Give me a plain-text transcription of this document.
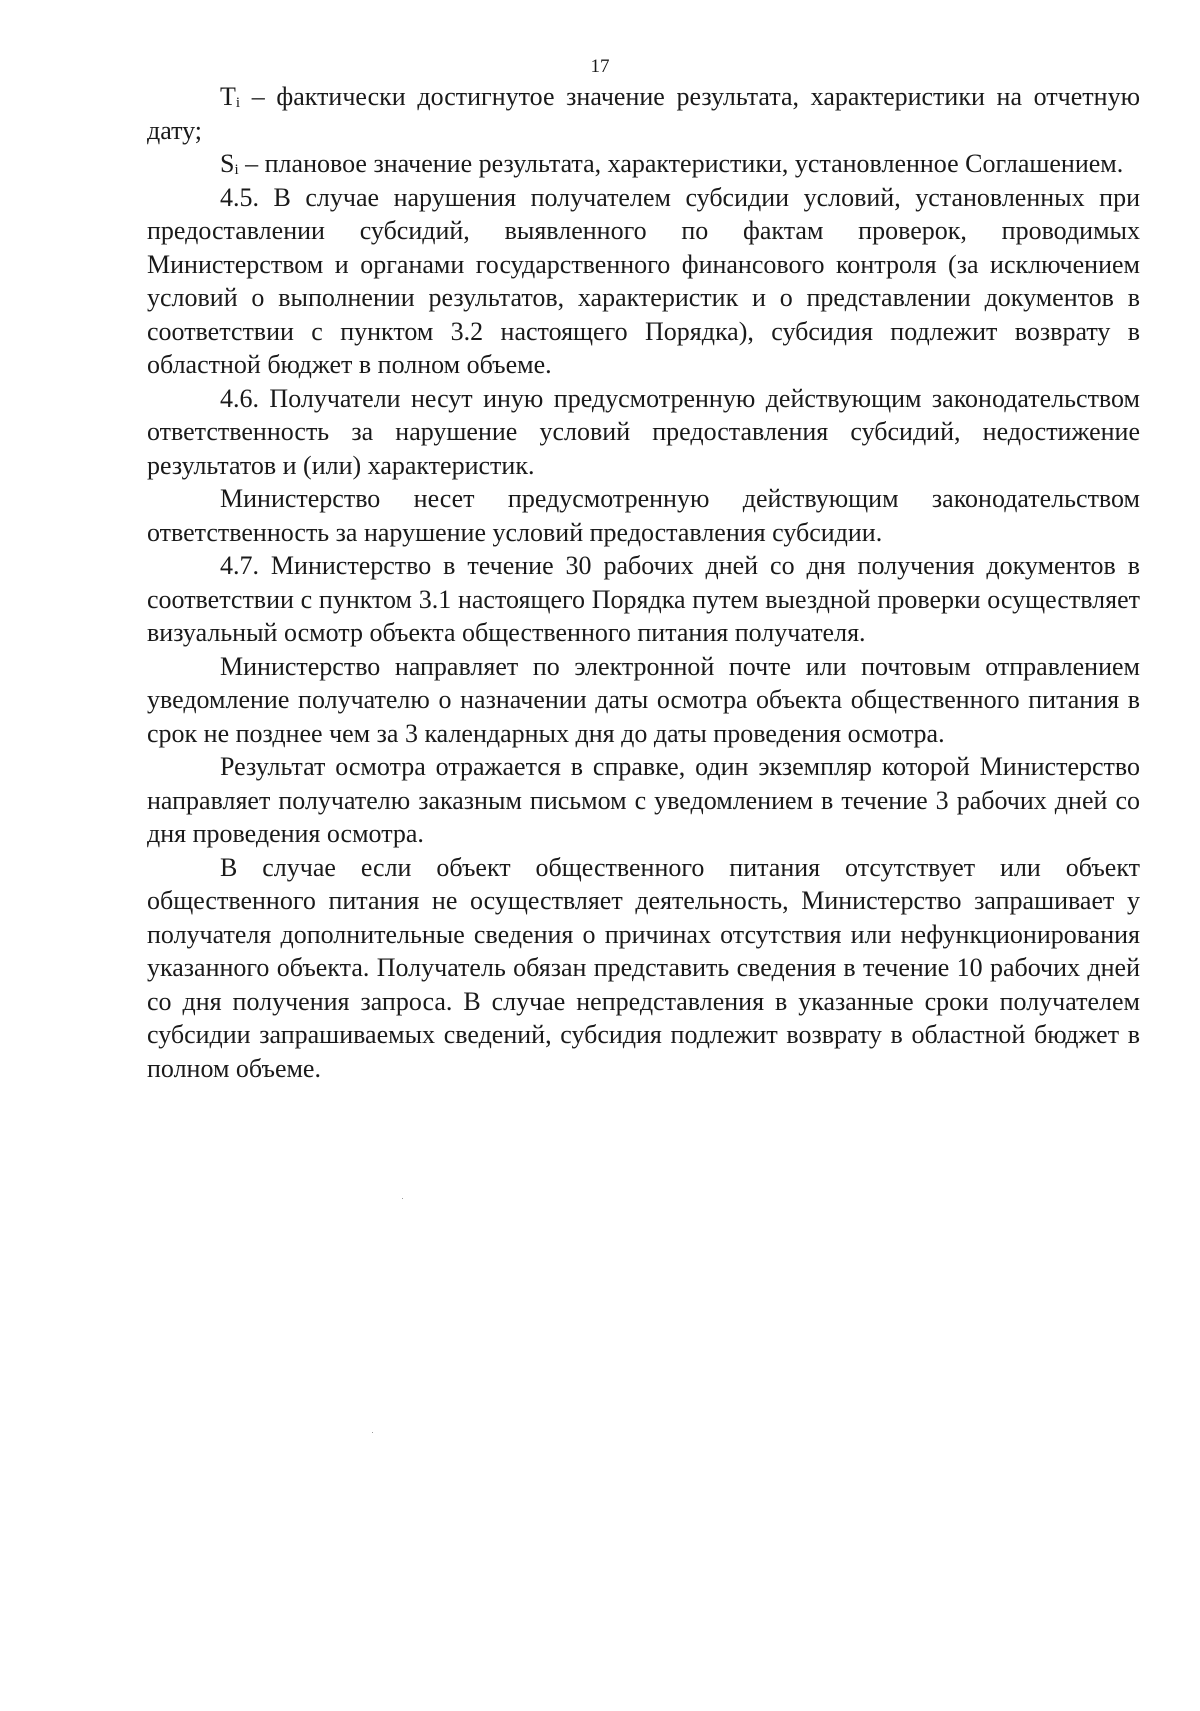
17

$T_i$ – фактически достигнутое значение результата, характеристики на отчетную дату;

$S_i$ – плановое значение результата, характеристики, установленное Соглашением.

4.5. В случае нарушения получателем субсидии условий, установленных при предоставлении субсидий, выявленного по фактам проверок, проводимых Министерством и органами государственного финансового контроля (за исключением условий о выполнении результатов, характеристик и о представлении документов в соответствии с пунктом 3.2 настоящего Порядка), субсидия подлежит возврату в областной бюджет в полном объеме.

4.6. Получатели несут иную предусмотренную действующим законодательством ответственность за нарушение условий предоставления субсидий, недостижение результатов и (или) характеристик.

Министерство несет предусмотренную действующим законодательством ответственность за нарушение условий предоставления субсидии.

4.7. Министерство в течение 30 рабочих дней со дня получения документов в соответствии с пунктом 3.1 настоящего Порядка путем выездной проверки осуществляет визуальный осмотр объекта общественного питания получателя.

Министерство направляет по электронной почте или почтовым отправлением уведомление получателю о назначении даты осмотра объекта общественного питания в срок не позднее чем за 3 календарных дня до даты проведения осмотра.

Результат осмотра отражается в справке, один экземпляр которой Министерство направляет получателю заказным письмом с уведомлением в течение 3 рабочих дней со дня проведения осмотра.

В случае если объект общественного питания отсутствует или объект общественного питания не осуществляет деятельность, Министерство запрашивает у получателя дополнительные сведения о причинах отсутствия или нефункционирования указанного объекта. Получатель обязан представить сведения в течение 10 рабочих дней со дня получения запроса. В случае непредставления в указанные сроки получателем субсидии запрашиваемых сведений, субсидия подлежит возврату в областной бюджет в полном объеме.
